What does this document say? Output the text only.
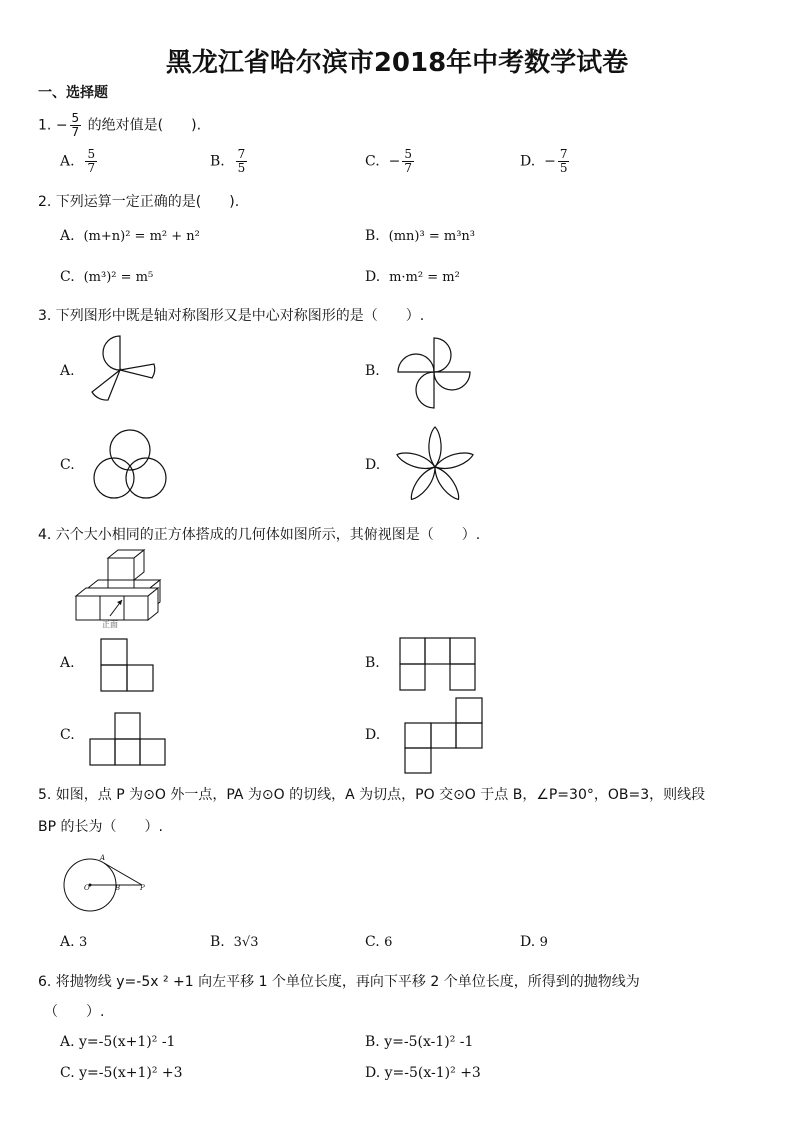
黑龙江省哈尔滨市2018年中考数学试卷
一、选择题
1. − $\frac{5}{7}$ 的绝对值是(　　).
A. $\frac{5}{7}$	B. $\frac{7}{5}$	C. − $\frac{5}{7}$	D. − $\frac{7}{5}$
2. 下列运算一定正确的是(　　).
A. (m+n)² = m² + n²	B. (mn)³ = m³n³
C. (m³)² = m⁵	D. m·m² = m²
3. 下列图形中既是轴对称图形又是中心对称图形的是（　　）.
A.	B.
C.	D.
4. 六个大小相同的正方体搭成的几何体如图所示，其俯视图是（　　）.
正面
A.	B.
C.	D.
5. 如图，点 P 为⊙O 外一点，PA 为⊙O 的切线，A 为切点，PO 交⊙O 于点 B，∠P=30°，OB=3，则线段
BP 的长为（　　）.
A
O	B	P
A. 3	B. 3√3	C. 6	D. 9
6. 将抛物线 y=-5x ² +1 向左平移 1 个单位长度，再向下平移 2 个单位长度，所得到的抛物线为
（　　）.
A. y=-5(x+1)² -1	B. y=-5(x-1)² -1
C. y=-5(x+1)² +3	D. y=-5(x-1)² +3
